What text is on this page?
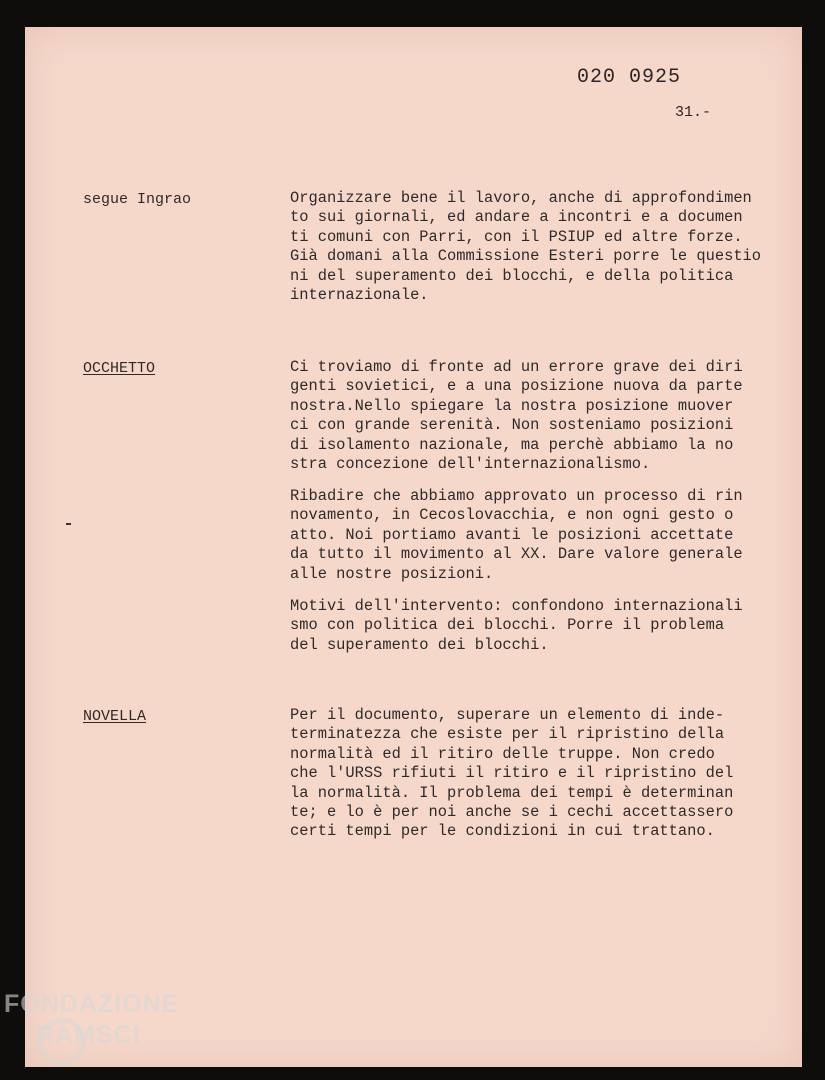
020 0925
31.-
segue Ingrao	Organizzare bene il lavoro, anche di approfondimen
to sui giornali, ed andare a incontri e a documen
ti comuni con Parri, con il PSIUP ed altre forze.
Già domani alla Commissione Esteri porre le questio
ni del superamento dei blocchi, e della politica
internazionale.
OCCHETTO	Ci troviamo di fronte ad un errore grave dei diri
genti sovietici, e a una posizione nuova da parte
nostra.Nello spiegare la nostra posizione muover
ci con grande serenità. Non sosteniamo posizioni
di isolamento nazionale, ma perchè abbiamo la no
stra concezione dell'internazionalismo.
Ribadire che abbiamo approvato un processo di rin
novamento, in Cecoslovacchia, e non ogni gesto o
atto. Noi portiamo avanti le posizioni accettate
da tutto il movimento al XX. Dare valore generale
alle nostre posizioni.
Motivi dell'intervento: confondono internazionali
smo con politica dei blocchi. Porre il problema
del superamento dei blocchi.
NOVELLA	Per il documento, superare un elemento di inde-
terminatezza che esiste per il ripristino della
normalità ed il ritiro delle truppe. Non credo
che l'URSS rifiuti il ritiro e il ripristino del
la normalità. Il problema dei tempi è determinan
te; e lo è per noi anche se i cechi accettassero
certi tempi per le condizioni in cui trattano.
FONDAZIONE
RAMSCI
